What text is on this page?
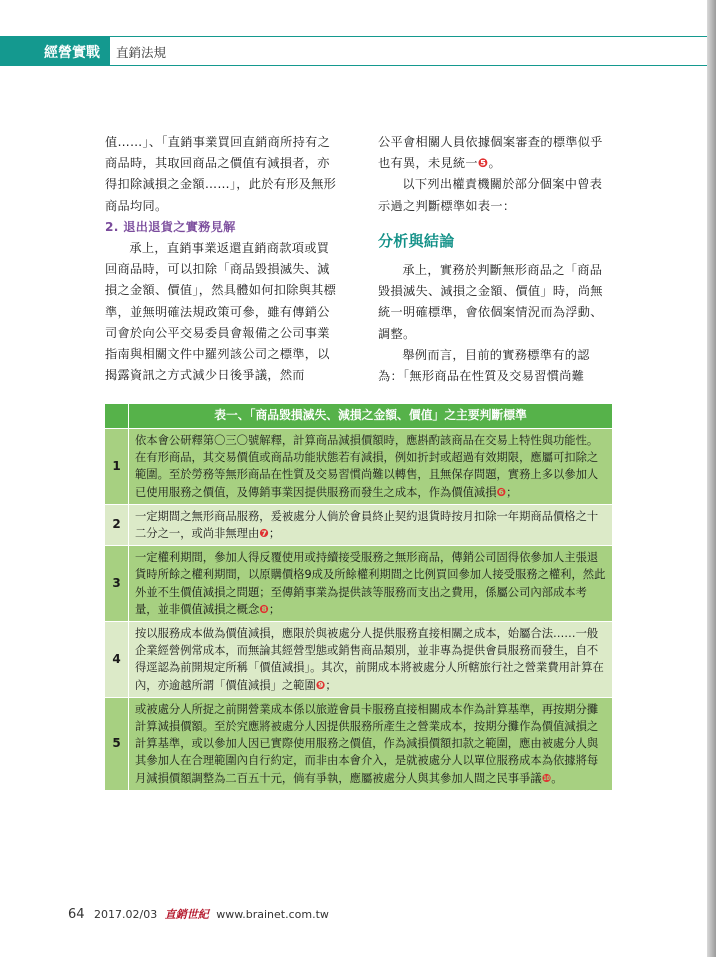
經營實戰 直銷法規

值……」、「直銷事業買回直銷商所持有之商品時，其取回商品之價值有減損者，亦得扣除減損之金額……」，此於有形及無形商品均同。

2. 退出退貨之實務見解

承上，直銷事業返還直銷商款項或買回商品時，可以扣除「商品毀損滅失、減損之金額、價值」，然具體如何扣除與其標準，並無明確法規政策可參，雖有傳銷公司會於向公平交易委員會報備之公司事業指南與相關文件中羅列該公司之標準，以揭露資訊之方式減少日後爭議，然而

公平會相關人員依據個案審查的標準似乎也有異，未見統一❺。

以下列出權責機關於部分個案中曾表示過之判斷標準如表一：

分析與結論

承上，實務於判斷無形商品之「商品毀損滅失、減損之金額、價值」時，尚無統一明確標準，會依個案情況而為浮動、調整。

舉例而言，目前的實務標準有的認為：「無形商品在性質及交易習慣尚難

	表一、「商品毀損滅失、減損之金額、價值」之主要判斷標準
1	依本會公研釋第〇三〇號解釋，計算商品減損價額時，應斟酌該商品在交易上特性與功能性。在有形商品，其交易價值或商品功能狀態若有減損，例如折封或超過有效期限，應屬可扣除之範圍。至於勞務等無形商品在性質及交易習慣尚難以轉售，且無保存問題，實務上多以參加人已使用服務之價值，及傳銷事業因提供服務而發生之成本，作為價值減損❻；
2	一定期間之無形商品服務，爰被處分人倘於會員終止契約退貨時按月扣除一年期商品價格之十二分之一，或尚非無理由❼；
3	一定權利期間，參加人得反覆使用或持續接受服務之無形商品，傳銷公司固得依參加人主張退貨時所餘之權利期間，以原購價格9成及所餘權利期間之比例買回參加人接受服務之權利，然此外並不生價值減損之問題；至傳銷事業為提供該等服務而支出之費用，係屬公司內部成本考量，並非價值減損之概念❽；
4	按以服務成本做為價值減損，應限於與被處分人提供服務直接相關之成本，始屬合法……一般企業經營例常成本，而無論其經營型態或銷售商品類別，並非專為提供會員服務而發生，自不得逕認為前開規定所稱「價值減損」。其次，前開成本將被處分人所轄旅行社之營業費用計算在內，亦逾越所謂「價值減損」之範圍❾；
5	或被處分人所捉之前開營業成本係以旅遊會員卡服務直接相關成本作為計算基準，再按期分攤計算減損價額。至於究應將被處分人因提供服務所產生之營業成本，按期分攤作為價值減損之計算基準，或以參加人因已實際使用服務之價值，作為減損價額扣款之範圍，應由被處分人與其參加人在合理範圍內自行約定，而非由本會介入，是就被處分人以單位服務成本為依據將每月減損價額調整為二百五十元，倘有爭執，應屬被處分人與其參加人間之民事爭議❿。
64 2017.02/03 直銷世紀 www.brainet.com.tw
